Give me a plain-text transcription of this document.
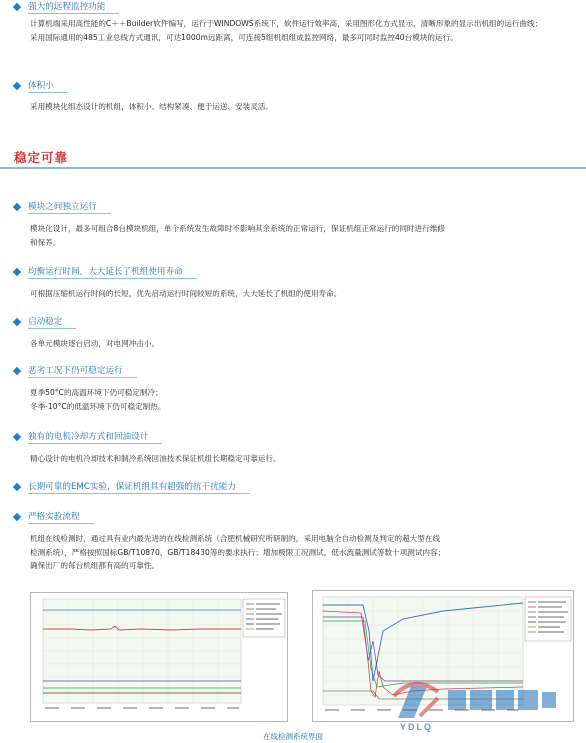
强大的远程监控功能

计算机端采用高性能的C＋＋Builder软件编写，运行于WINDOWS系统下，软件运行效率高，采用图形化方式显示，清晰形象的显示出机组的运行曲线；

采用国际通用的485工业总线方式通讯，可达1000m远距离，可连接5组机组组成监控网络，最多可同时监控40台模块的运行。

体积小

采用模块化组态设计的机组，体积小、结构紧凑、便于运送、安装灵活。

稳定可靠
模块之间独立运行

模块化设计，最多可组合8台模块机组，单个系统发生故障时不影响其余系统的正常运行，保证机组正常运行的同时进行维修

和保养。

均衡运行时间，大大延长了机组使用寿命

可根据压缩机运行时间的长短，优先启动运行时间较短的系统，大大延长了机组的使用寿命。

启动稳定

各单元模块逐台启动，对电网冲击小。

恶劣工况下仍可稳定运行

夏季50°C的高温环境下仍可稳定制冷；

冬季-10°C的低温环境下仍可稳定制热。

独有的电机冷却方式和回油设计

精心设计的电机冷却技术和制冷系统回油技术保证机组长期稳定可靠运行。

长期可靠的EMC实验，保证机组具有超强的抗干扰能力
严格实验流程

机组在线检测时，通过具有业内最先进的在线检测系统（合肥机械研究所研制的，采用电脑全自动检测及判定的超大型在线

检测系统），严格按照国标GB/T10870、GB/T18430等的要求执行；增加极限工况测试，低水流量测试等数十项测试内容；

确保出厂的每台机组都有高的可靠性。

YDLQ
在线检测系统界面
